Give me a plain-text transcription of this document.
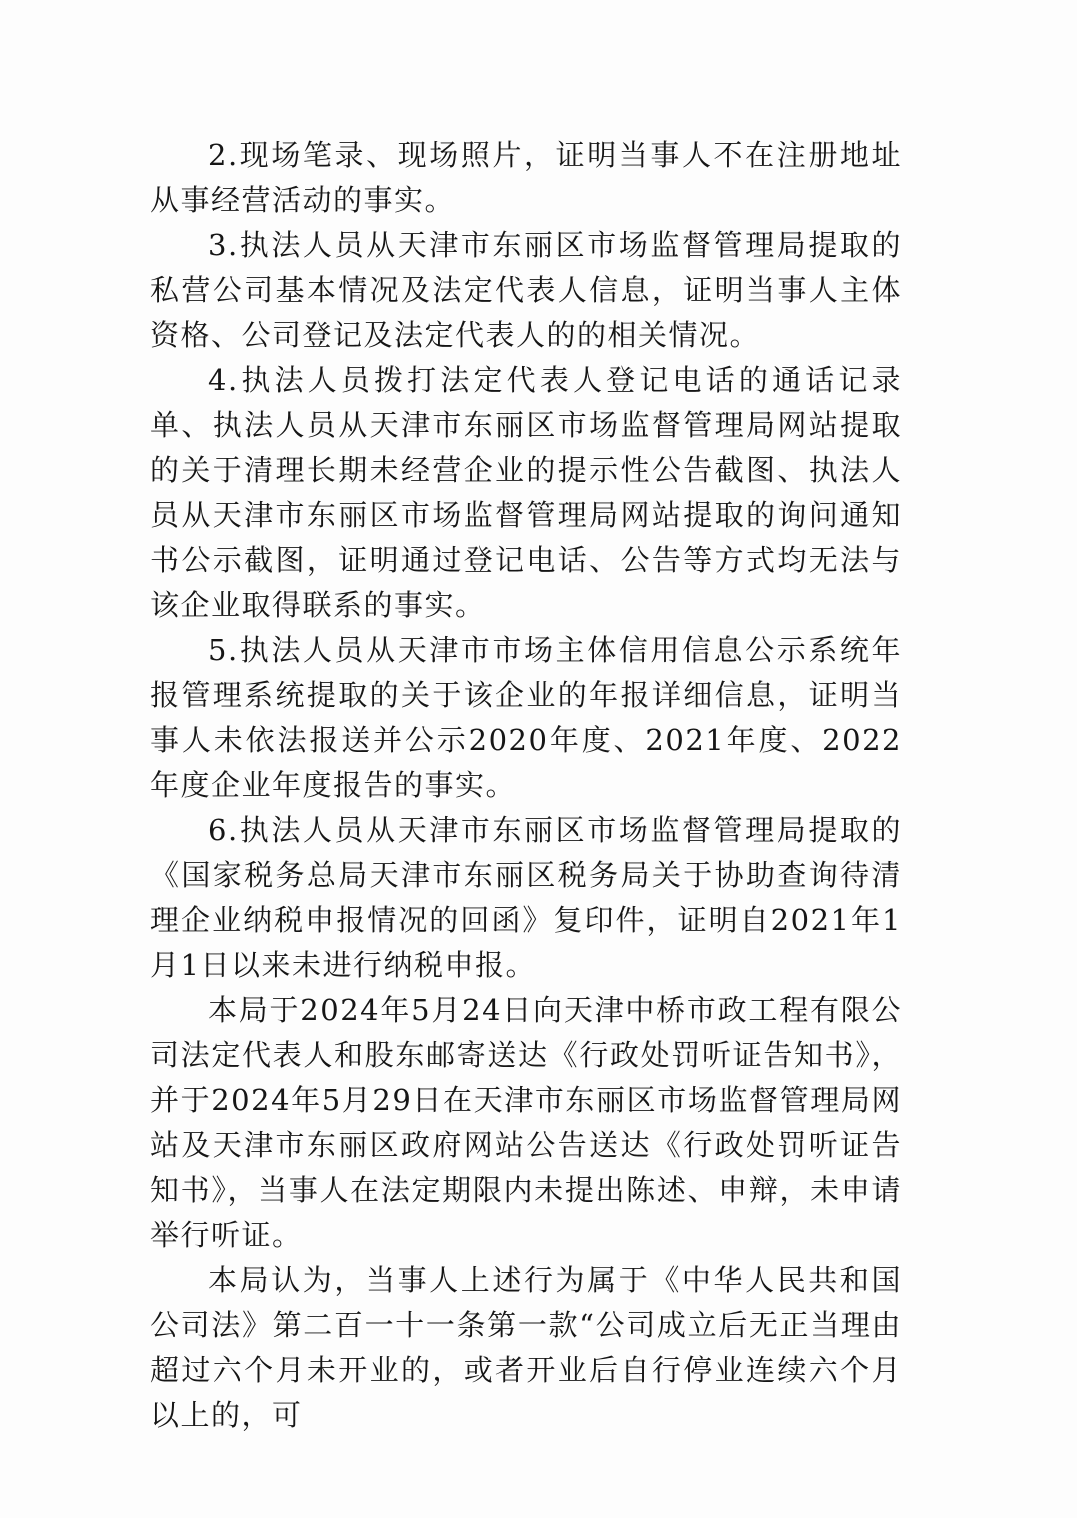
2.现场笔录、现场照片，证明当事人不在注册地址从事经营活动的事实。

3.执法人员从天津市东丽区市场监督管理局提取的私营公司基本情况及法定代表人信息，证明当事人主体资格、公司登记及法定代表人的的相关情况。

4.执法人员拨打法定代表人登记电话的通话记录单、执法人员从天津市东丽区市场监督管理局网站提取的关于清理长期未经营企业的提示性公告截图、执法人员从天津市东丽区市场监督管理局网站提取的询问通知书公示截图，证明通过登记电话、公告等方式均无法与该企业取得联系的事实。

5.执法人员从天津市市场主体信用信息公示系统年报管理系统提取的关于该企业的年报详细信息，证明当事人未依法报送并公示2020年度、2021年度、2022年度企业年度报告的事实。

6.执法人员从天津市东丽区市场监督管理局提取的《国家税务总局天津市东丽区税务局关于协助查询待清理企业纳税申报情况的回函》复印件，证明自2021年1月1日以来未进行纳税申报。

本局于2024年5月24日向天津中桥市政工程有限公司法定代表人和股东邮寄送达《行政处罚听证告知书》，并于2024年5月29日在天津市东丽区市场监督管理局网站及天津市东丽区政府网站公告送达《行政处罚听证告知书》，当事人在法定期限内未提出陈述、申辩，未申请举行听证。

本局认为，当事人上述行为属于《中华人民共和国公司法》第二百一十一条第一款“公司成立后无正当理由超过六个月未开业的，或者开业后自行停业连续六个月以上的，可
